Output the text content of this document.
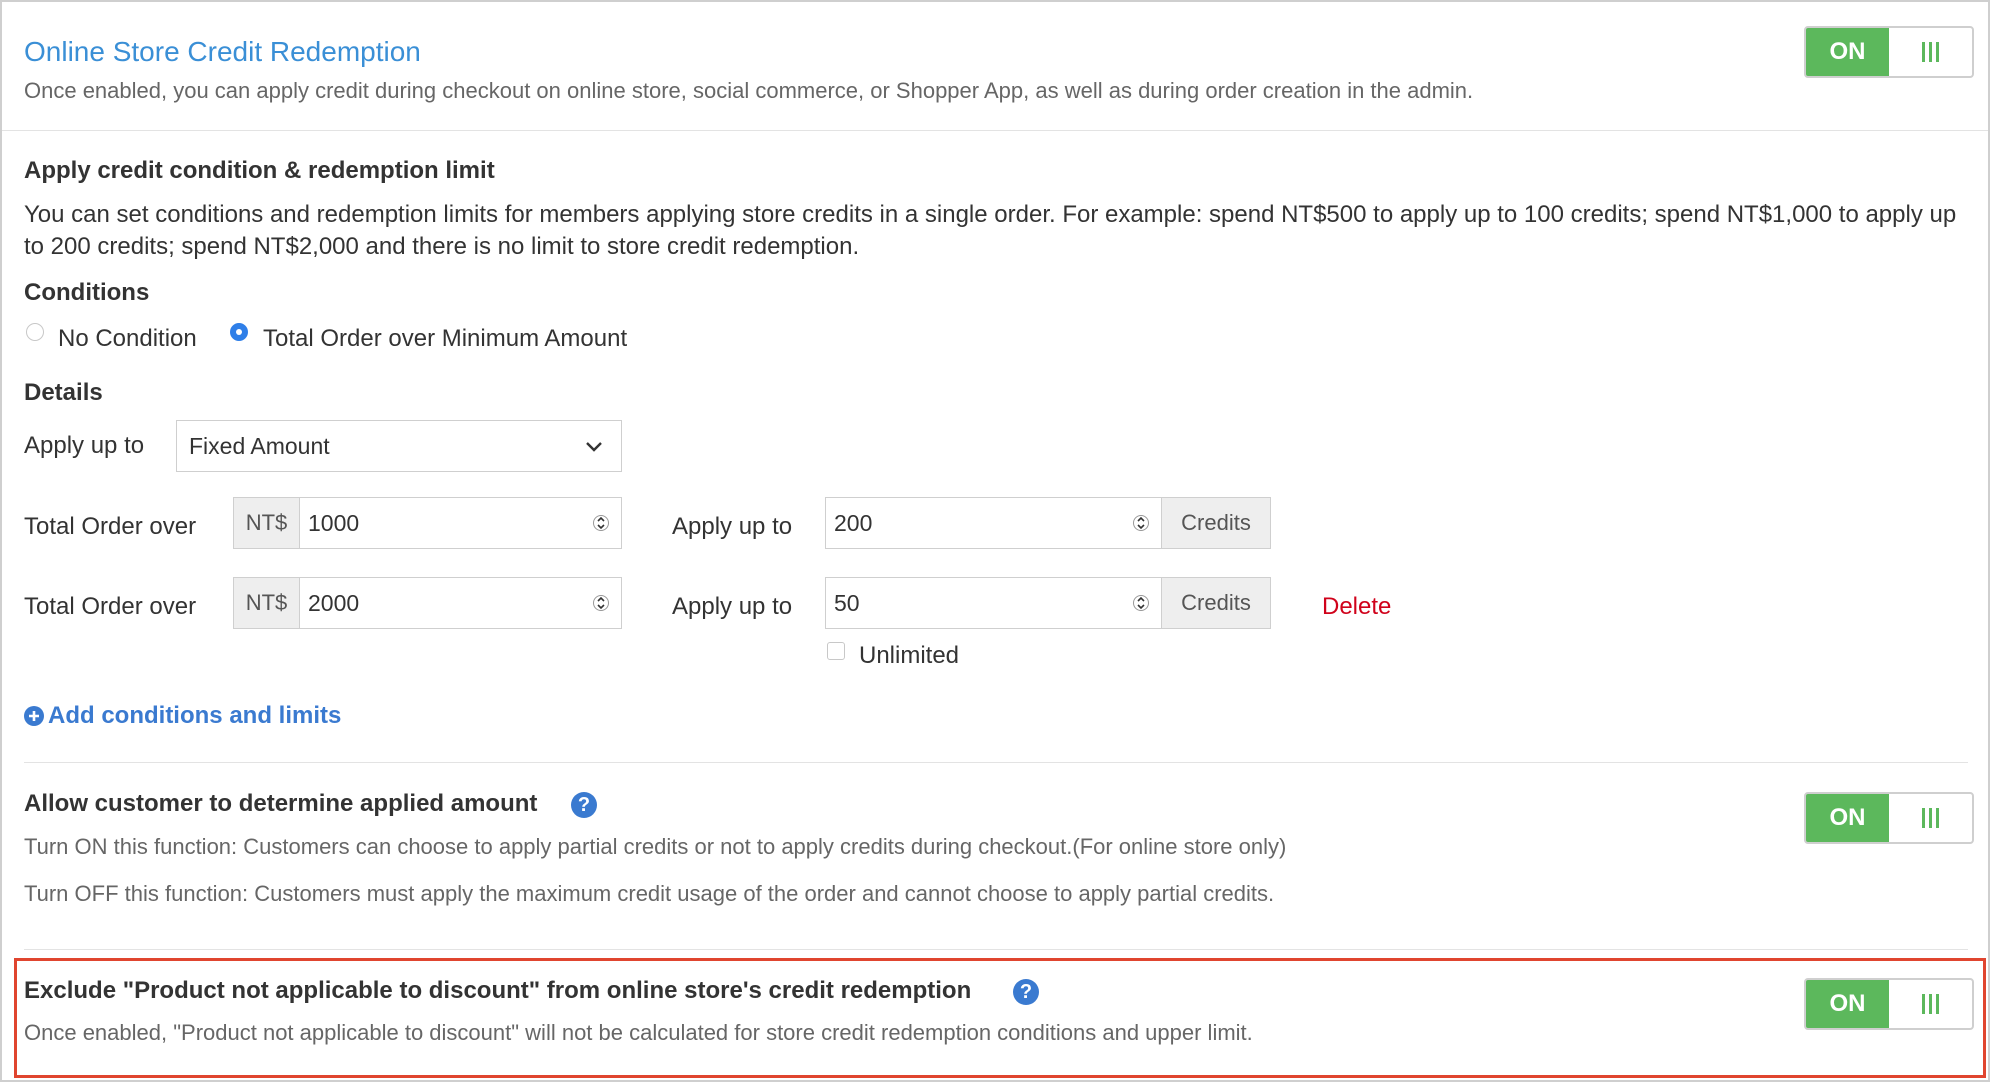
Online Store Credit Redemption
Once enabled, you can apply credit during checkout on online store, social commerce, or Shopper App, as well as during order creation in the admin.
ON
Apply credit condition & redemption limit
You can set conditions and redemption limits for members applying store credits in a single order. For example: spend NT$500 to apply up to 100 credits; spend NT$1,000 to apply up to 200 credits; spend NT$2,000 and there is no limit to store credit redemption.
Conditions
No Condition	Total Order over Minimum Amount
Details
Apply up to Fixed Amount
Total Order over	NT$ 1000	Apply up to 200	Credits
Total Order over	NT$ 2000	Apply up to 50	Credits	Delete
Unlimited
Add conditions and limits
Allow customer to determine applied amount	?
Turn ON this function: Customers can choose to apply partial credits or not to apply credits during checkout.(For online store only)
Turn OFF this function: Customers must apply the maximum credit usage of the order and cannot choose to apply partial credits.
ON
Exclude "Product not applicable to discount" from online store's credit redemption	?
Once enabled, "Product not applicable to discount" will not be calculated for store credit redemption conditions and upper limit.
ON
